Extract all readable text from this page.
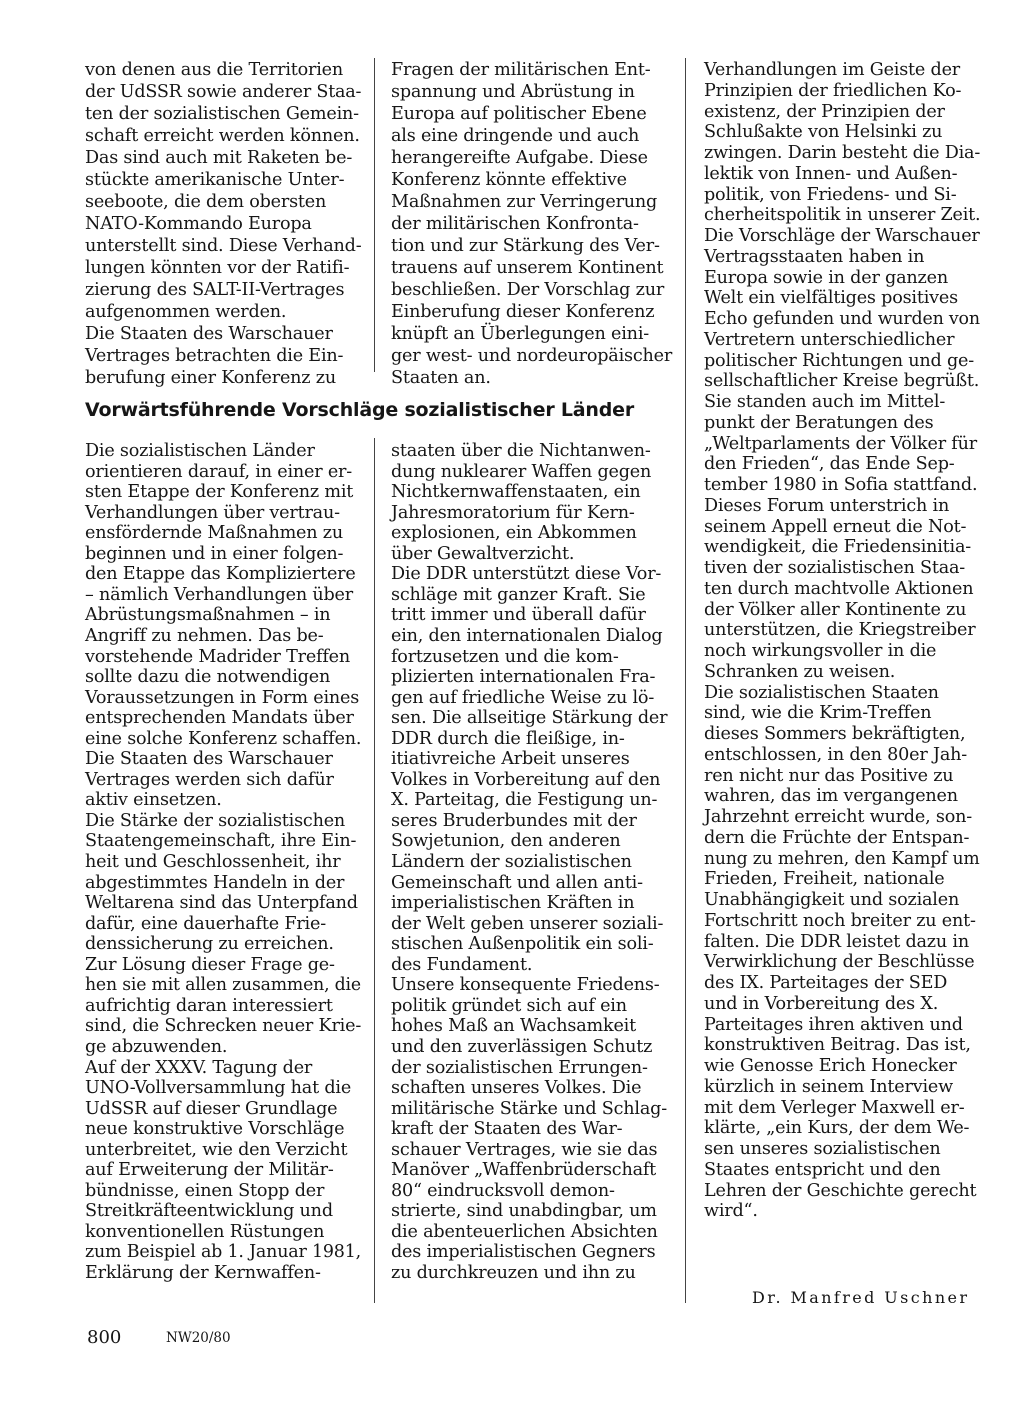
Vorwärtsführende Vorschläge sozialistischer Länder
Dr. Manfred Uschner
800	NW20/80
von denen aus die Territorien
der UdSSR sowie anderer Staa-
ten der sozialistischen Gemein-
schaft erreicht werden können.
Das sind auch mit Raketen be-
stückte amerikanische Unter-
seeboote, die dem obersten
NATO-Kommando Europa
unterstellt sind. Diese Verhand-
lungen könnten vor der Ratifi-
zierung des SALT-II-Vertrages
aufgenommen werden.
Die Staaten des Warschauer
Vertrages betrachten die Ein-
berufung einer Konferenz zu
Fragen der militärischen Ent-
spannung und Abrüstung in
Europa auf politischer Ebene
als eine dringende und auch
herangereifte Aufgabe. Diese
Konferenz könnte effektive
Maßnahmen zur Verringerung
der militärischen Konfronta-
tion und zur Stärkung des Ver-
trauens auf unserem Kontinent
beschließen. Der Vorschlag zur
Einberufung dieser Konferenz
knüpft an Überlegungen eini-
ger west- und nordeuropäischer
Staaten an.
Die sozialistischen Länder
orientieren darauf, in einer er-
sten Etappe der Konferenz mit
Verhandlungen über vertrau-
ensfördernde Maßnahmen zu
beginnen und in einer folgen-
den Etappe das Kompliziertere
– nämlich Verhandlungen über
Abrüstungsmaßnahmen – in
Angriff zu nehmen. Das be-
vorstehende Madrider Treffen
sollte dazu die notwendigen
Voraussetzungen in Form eines
entsprechenden Mandats über
eine solche Konferenz schaffen.
Die Staaten des Warschauer
Vertrages werden sich dafür
aktiv einsetzen.
Die Stärke der sozialistischen
Staatengemeinschaft, ihre Ein-
heit und Geschlossenheit, ihr
abgestimmtes Handeln in der
Weltarena sind das Unterpfand
dafür, eine dauerhafte Frie-
denssicherung zu erreichen.
Zur Lösung dieser Frage ge-
hen sie mit allen zusammen, die
aufrichtig daran interessiert
sind, die Schrecken neuer Krie-
ge abzuwenden.
Auf der XXXV. Tagung der
UNO-Vollversammlung hat die
UdSSR auf dieser Grundlage
neue konstruktive Vorschläge
unterbreitet, wie den Verzicht
auf Erweiterung der Militär-
bündnisse, einen Stopp der
Streitkräfteentwicklung und
konventionellen Rüstungen
zum Beispiel ab 1. Januar 1981,
Erklärung der Kernwaffen-
staaten über die Nichtanwen-
dung nuklearer Waffen gegen
Nichtkernwaffenstaaten, ein
Jahresmoratorium für Kern-
explosionen, ein Abkommen
über Gewaltverzicht.
Die DDR unterstützt diese Vor-
schläge mit ganzer Kraft. Sie
tritt immer und überall dafür
ein, den internationalen Dialog
fortzusetzen und die kom-
plizierten internationalen Fra-
gen auf friedliche Weise zu lö-
sen. Die allseitige Stärkung der
DDR durch die fleißige, in-
itiativreiche Arbeit unseres
Volkes in Vorbereitung auf den
X. Parteitag, die Festigung un-
seres Bruderbundes mit der
Sowjetunion, den anderen
Ländern der sozialistischen
Gemeinschaft und allen anti-
imperialistischen Kräften in
der Welt geben unserer soziali-
stischen Außenpolitik ein soli-
des Fundament.
Unsere konsequente Friedens-
politik gründet sich auf ein
hohes Maß an Wachsamkeit
und den zuverlässigen Schutz
der sozialistischen Errungen-
schaften unseres Volkes. Die
militärische Stärke und Schlag-
kraft der Staaten des War-
schauer Vertrages, wie sie das
Manöver „Waffenbrüderschaft
80“ eindrucksvoll demon-
strierte, sind unabdingbar, um
die abenteuerlichen Absichten
des imperialistischen Gegners
zu durchkreuzen und ihn zu
Verhandlungen im Geiste der
Prinzipien der friedlichen Ko-
existenz, der Prinzipien der
Schlußakte von Helsinki zu
zwingen. Darin besteht die Dia-
lektik von Innen- und Außen-
politik, von Friedens- und Si-
cherheitspolitik in unserer Zeit.
Die Vorschläge der Warschauer
Vertragsstaaten haben in
Europa sowie in der ganzen
Welt ein vielfältiges positives
Echo gefunden und wurden von
Vertretern unterschiedlicher
politischer Richtungen und ge-
sellschaftlicher Kreise begrüßt.
Sie standen auch im Mittel-
punkt der Beratungen des
„Weltparlaments der Völker für
den Frieden“, das Ende Sep-
tember 1980 in Sofia stattfand.
Dieses Forum unterstrich in
seinem Appell erneut die Not-
wendigkeit, die Friedensinitia-
tiven der sozialistischen Staa-
ten durch machtvolle Aktionen
der Völker aller Kontinente zu
unterstützen, die Kriegstreiber
noch wirkungsvoller in die
Schranken zu weisen.
Die sozialistischen Staaten
sind, wie die Krim-Treffen
dieses Sommers bekräftigten,
entschlossen, in den 80er Jah-
ren nicht nur das Positive zu
wahren, das im vergangenen
Jahrzehnt erreicht wurde, son-
dern die Früchte der Entspan-
nung zu mehren, den Kampf um
Frieden, Freiheit, nationale
Unabhängigkeit und sozialen
Fortschritt noch breiter zu ent-
falten. Die DDR leistet dazu in
Verwirklichung der Beschlüsse
des IX. Parteitages der SED
und in Vorbereitung des X.
Parteitages ihren aktiven und
konstruktiven Beitrag. Das ist,
wie Genosse Erich Honecker
kürzlich in seinem Interview
mit dem Verleger Maxwell er-
klärte, „ein Kurs, der dem We-
sen unseres sozialistischen
Staates entspricht und den
Lehren der Geschichte gerecht
wird“.
